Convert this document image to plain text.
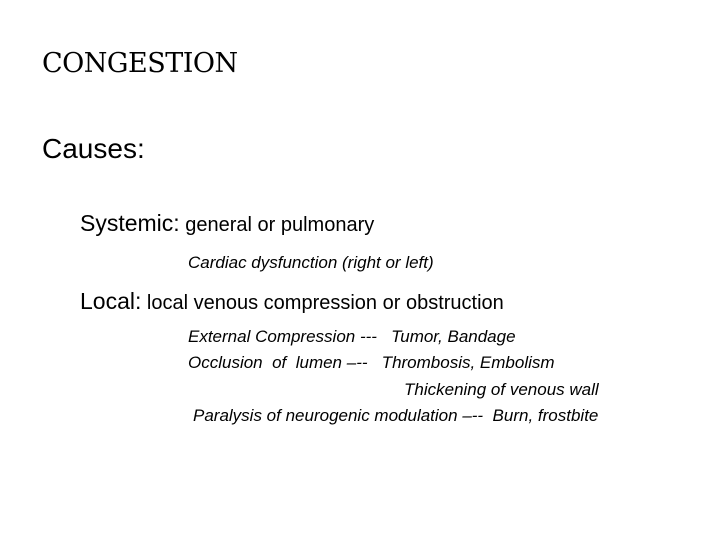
CONGESTION
Causes:
Systemic: general or pulmonary
Cardiac dysfunction (right or left)
Local: local venous compression or obstruction
External Compression ---   Tumor, Bandage
Occlusion  of  lumen –--   Thrombosis, Embolism
Thickening of venous wall
Paralysis of neurogenic modulation –--  Burn, frostbite
